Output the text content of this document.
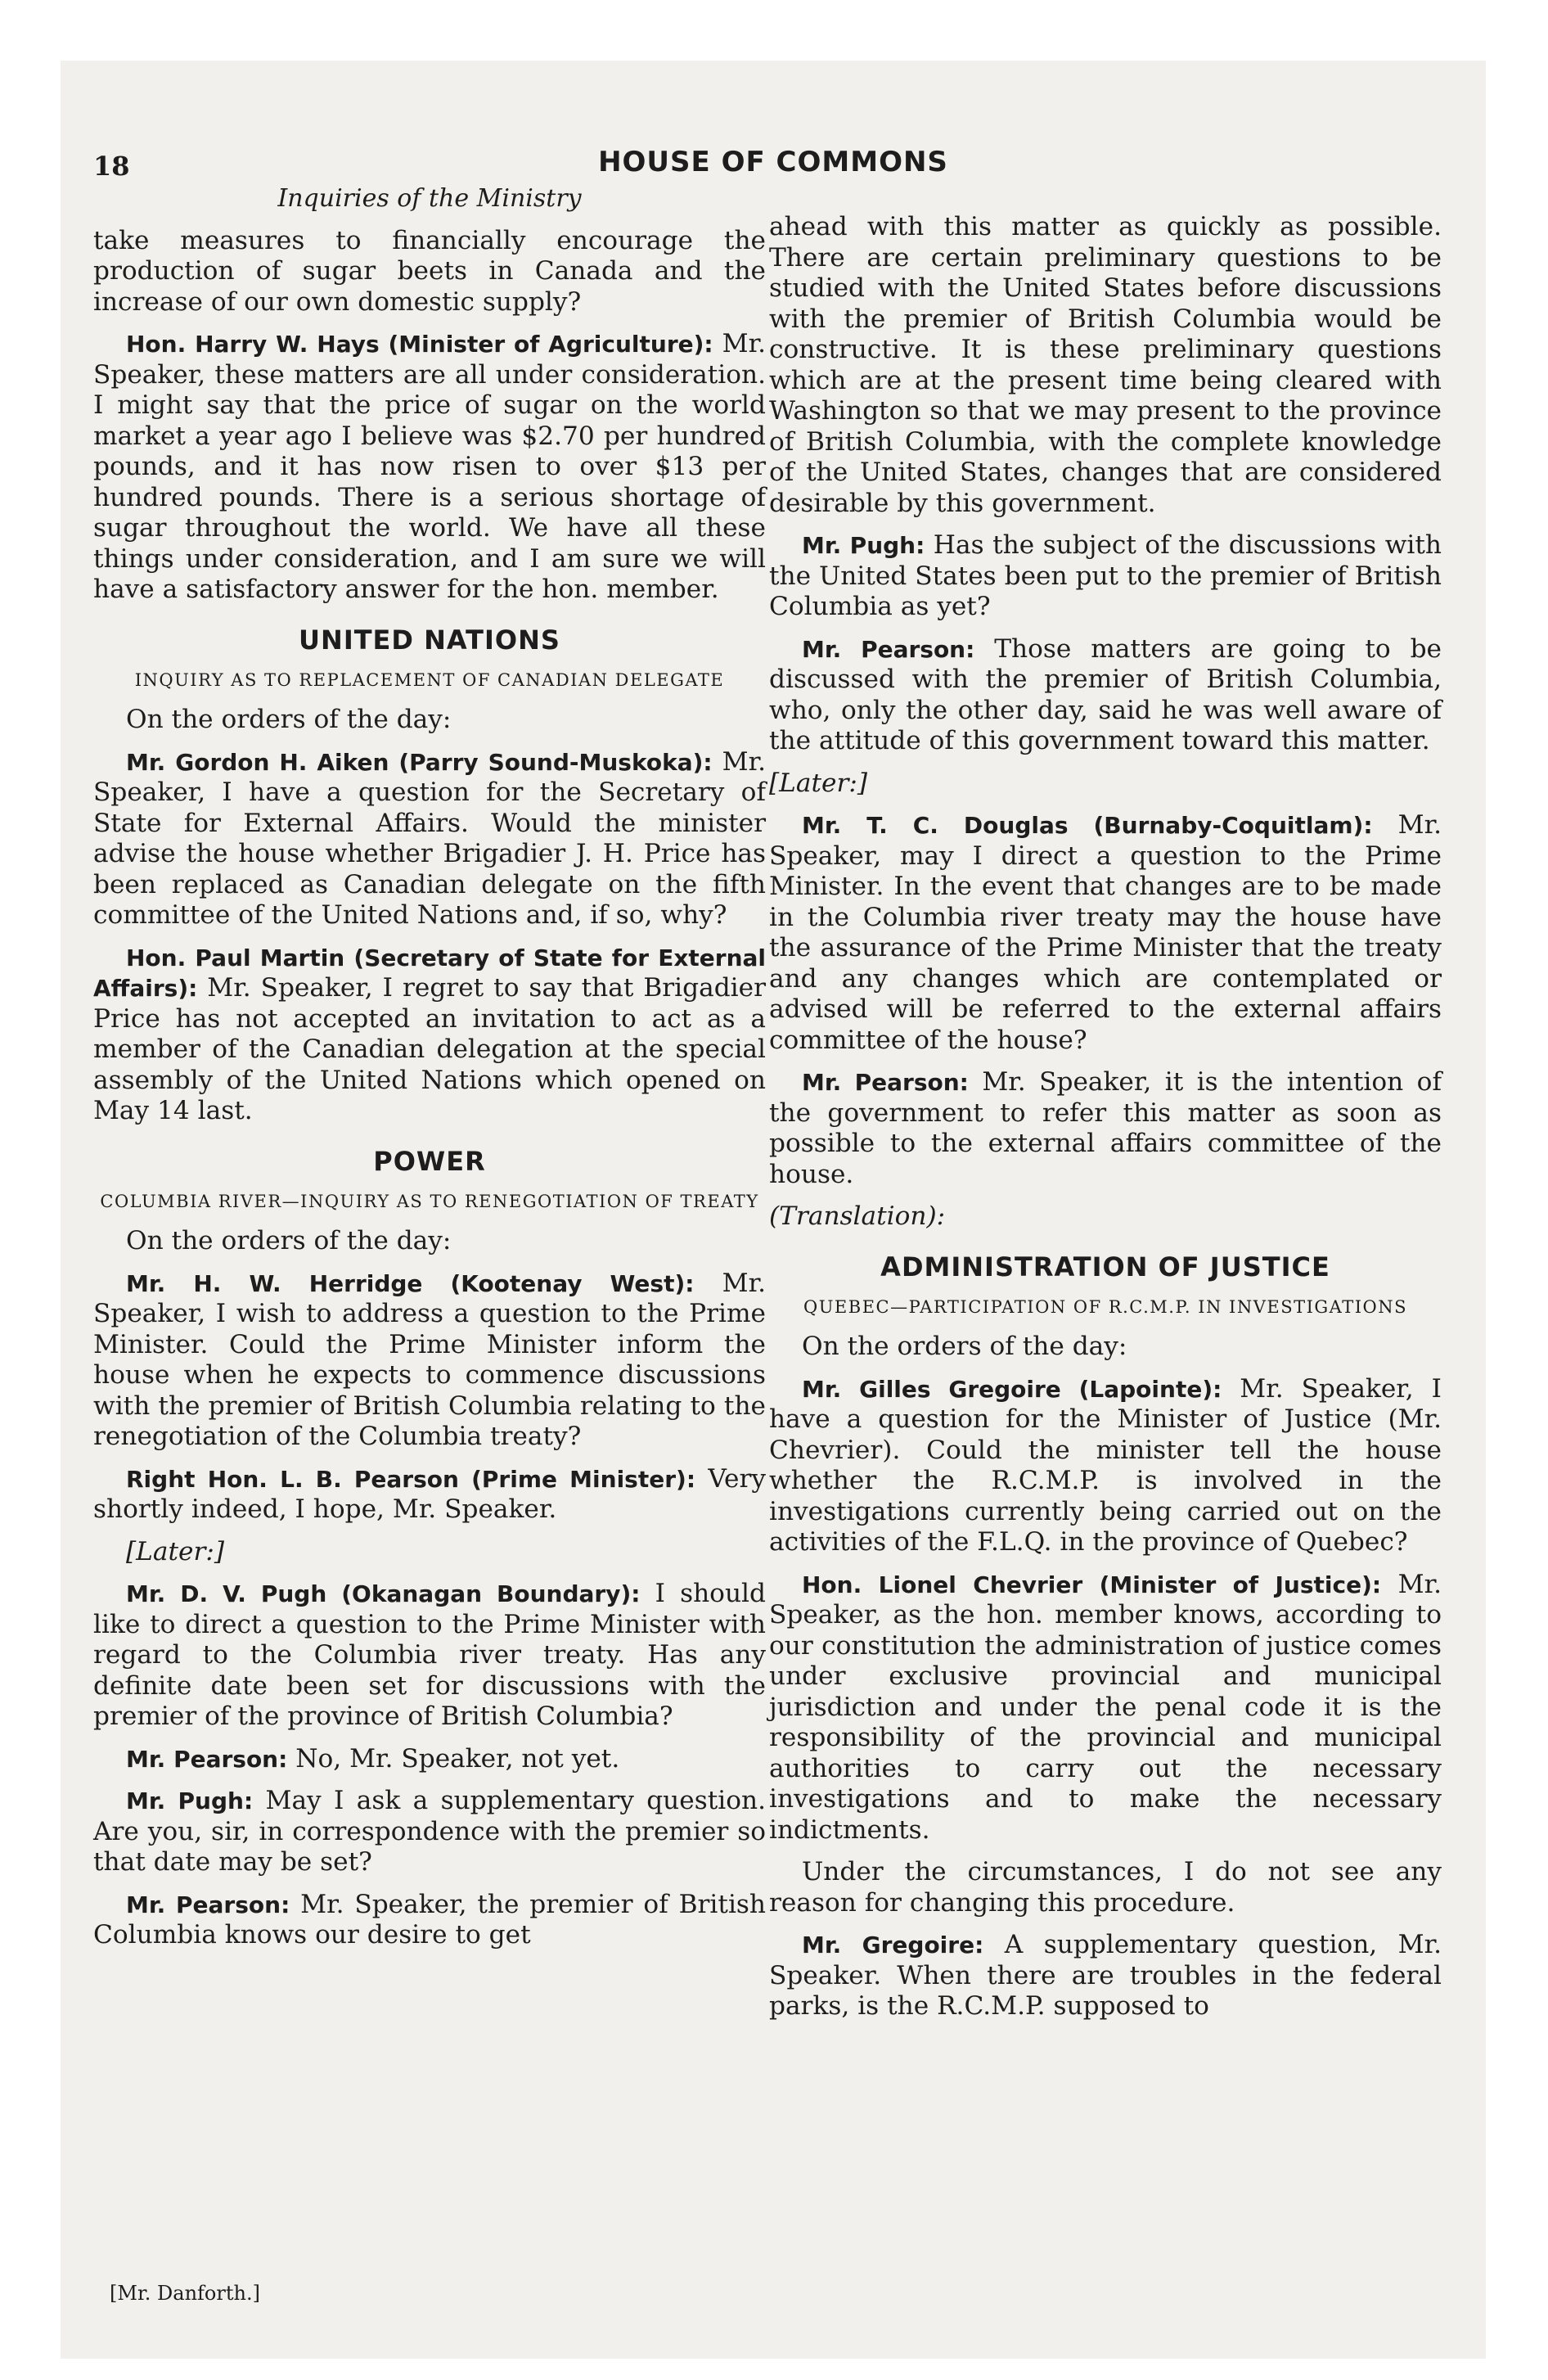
18	HOUSE OF COMMONS

Inquiries of the Ministry

take measures to financially encourage the production of sugar beets in Canada and the increase of our own domestic supply?

Hon. Harry W. Hays (Minister of Agriculture): Mr. Speaker, these matters are all under consideration. I might say that the price of sugar on the world market a year ago I believe was $2.70 per hundred pounds, and it has now risen to over $13 per hundred pounds. There is a serious shortage of sugar throughout the world. We have all these things under consideration, and I am sure we will have a satisfactory answer for the hon. member.

UNITED NATIONS
INQUIRY AS TO REPLACEMENT OF CANADIAN DELEGATE

On the orders of the day:

Mr. Gordon H. Aiken (Parry Sound-Muskoka): Mr. Speaker, I have a question for the Secretary of State for External Affairs. Would the minister advise the house whether Brigadier J. H. Price has been replaced as Canadian delegate on the fifth committee of the United Nations and, if so, why?

Hon. Paul Martin (Secretary of State for External Affairs): Mr. Speaker, I regret to say that Brigadier Price has not accepted an invitation to act as a member of the Canadian delegation at the special assembly of the United Nations which opened on May 14 last.

POWER
COLUMBIA RIVER—INQUIRY AS TO RENEGOTIATION OF TREATY

On the orders of the day:

Mr. H. W. Herridge (Kootenay West): Mr. Speaker, I wish to address a question to the Prime Minister. Could the Prime Minister inform the house when he expects to commence discussions with the premier of British Columbia relating to the renegotiation of the Columbia treaty?

Right Hon. L. B. Pearson (Prime Minister): Very shortly indeed, I hope, Mr. Speaker.

[Later:]

Mr. D. V. Pugh (Okanagan Boundary): I should like to direct a question to the Prime Minister with regard to the Columbia river treaty. Has any definite date been set for discussions with the premier of the province of British Columbia?

Mr. Pearson: No, Mr. Speaker, not yet.

Mr. Pugh: May I ask a supplementary question. Are you, sir, in correspondence with the premier so that date may be set?

Mr. Pearson: Mr. Speaker, the premier of British Columbia knows our desire to get

ahead with this matter as quickly as possible. There are certain preliminary questions to be studied with the United States before discussions with the premier of British Columbia would be constructive. It is these preliminary questions which are at the present time being cleared with Washington so that we may present to the province of British Columbia, with the complete knowledge of the United States, changes that are considered desirable by this government.

Mr. Pugh: Has the subject of the discussions with the United States been put to the premier of British Columbia as yet?

Mr. Pearson: Those matters are going to be discussed with the premier of British Columbia, who, only the other day, said he was well aware of the attitude of this government toward this matter.

[Later:]

Mr. T. C. Douglas (Burnaby-Coquitlam): Mr. Speaker, may I direct a question to the Prime Minister. In the event that changes are to be made in the Columbia river treaty may the house have the assurance of the Prime Minister that the treaty and any changes which are contemplated or advised will be referred to the external affairs committee of the house?

Mr. Pearson: Mr. Speaker, it is the intention of the government to refer this matter as soon as possible to the external affairs committee of the house.

(Translation):

ADMINISTRATION OF JUSTICE
QUEBEC—PARTICIPATION OF R.C.M.P. IN INVESTIGATIONS

On the orders of the day:

Mr. Gilles Gregoire (Lapointe): Mr. Speaker, I have a question for the Minister of Justice (Mr. Chevrier). Could the minister tell the house whether the R.C.M.P. is involved in the investigations currently being carried out on the activities of the F.L.Q. in the province of Quebec?

Hon. Lionel Chevrier (Minister of Justice): Mr. Speaker, as the hon. member knows, according to our constitution the administration of justice comes under exclusive provincial and municipal jurisdiction and under the penal code it is the responsibility of the provincial and municipal authorities to carry out the necessary investigations and to make the necessary indictments.

Under the circumstances, I do not see any reason for changing this procedure.

Mr. Gregoire: A supplementary question, Mr. Speaker. When there are troubles in the federal parks, is the R.C.M.P. supposed to

[Mr. Danforth.]
